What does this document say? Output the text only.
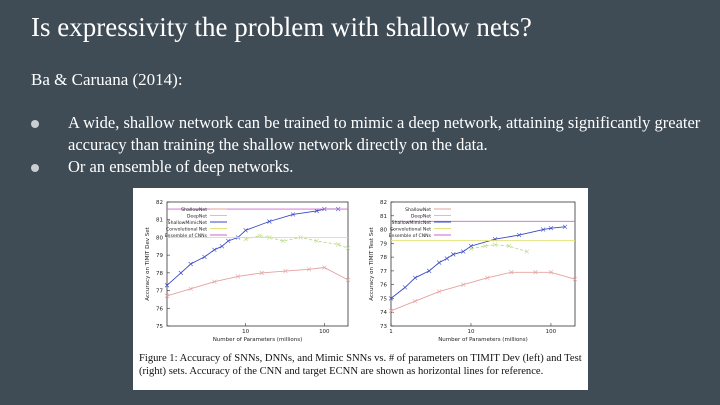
Is expressivity the problem with shallow nets?
Ba & Caruana (2014):
A wide, shallow network can be trained to mimic a deep network, attaining significantly greater accuracy than training the shallow network directly on the data.
Or an ensemble of deep networks.
75
76
77
78
79
80
81
82
10	100
Number of Parameters (millions)
Accuracy on TIMIT Dev Set
ShallowNet
DeepNet
ShallowMimicNet
Convolutional Net
Ensemble of CNNs
73
74
75
76
77
78
79
80
81
82
1	10	100
Number of Parameters (millions)
Accuracy on TIMIT Test Set
ShallowNet
DeepNet
ShallowMimicNet
Convolutional Net
Ensemble of CNNs
Figure 1: Accuracy of SNNs, DNNs, and Mimic SNNs vs. # of parameters on TIMIT Dev (left) and Test (right) sets. Accuracy of the CNN and target ECNN are shown as horizontal lines for reference.
